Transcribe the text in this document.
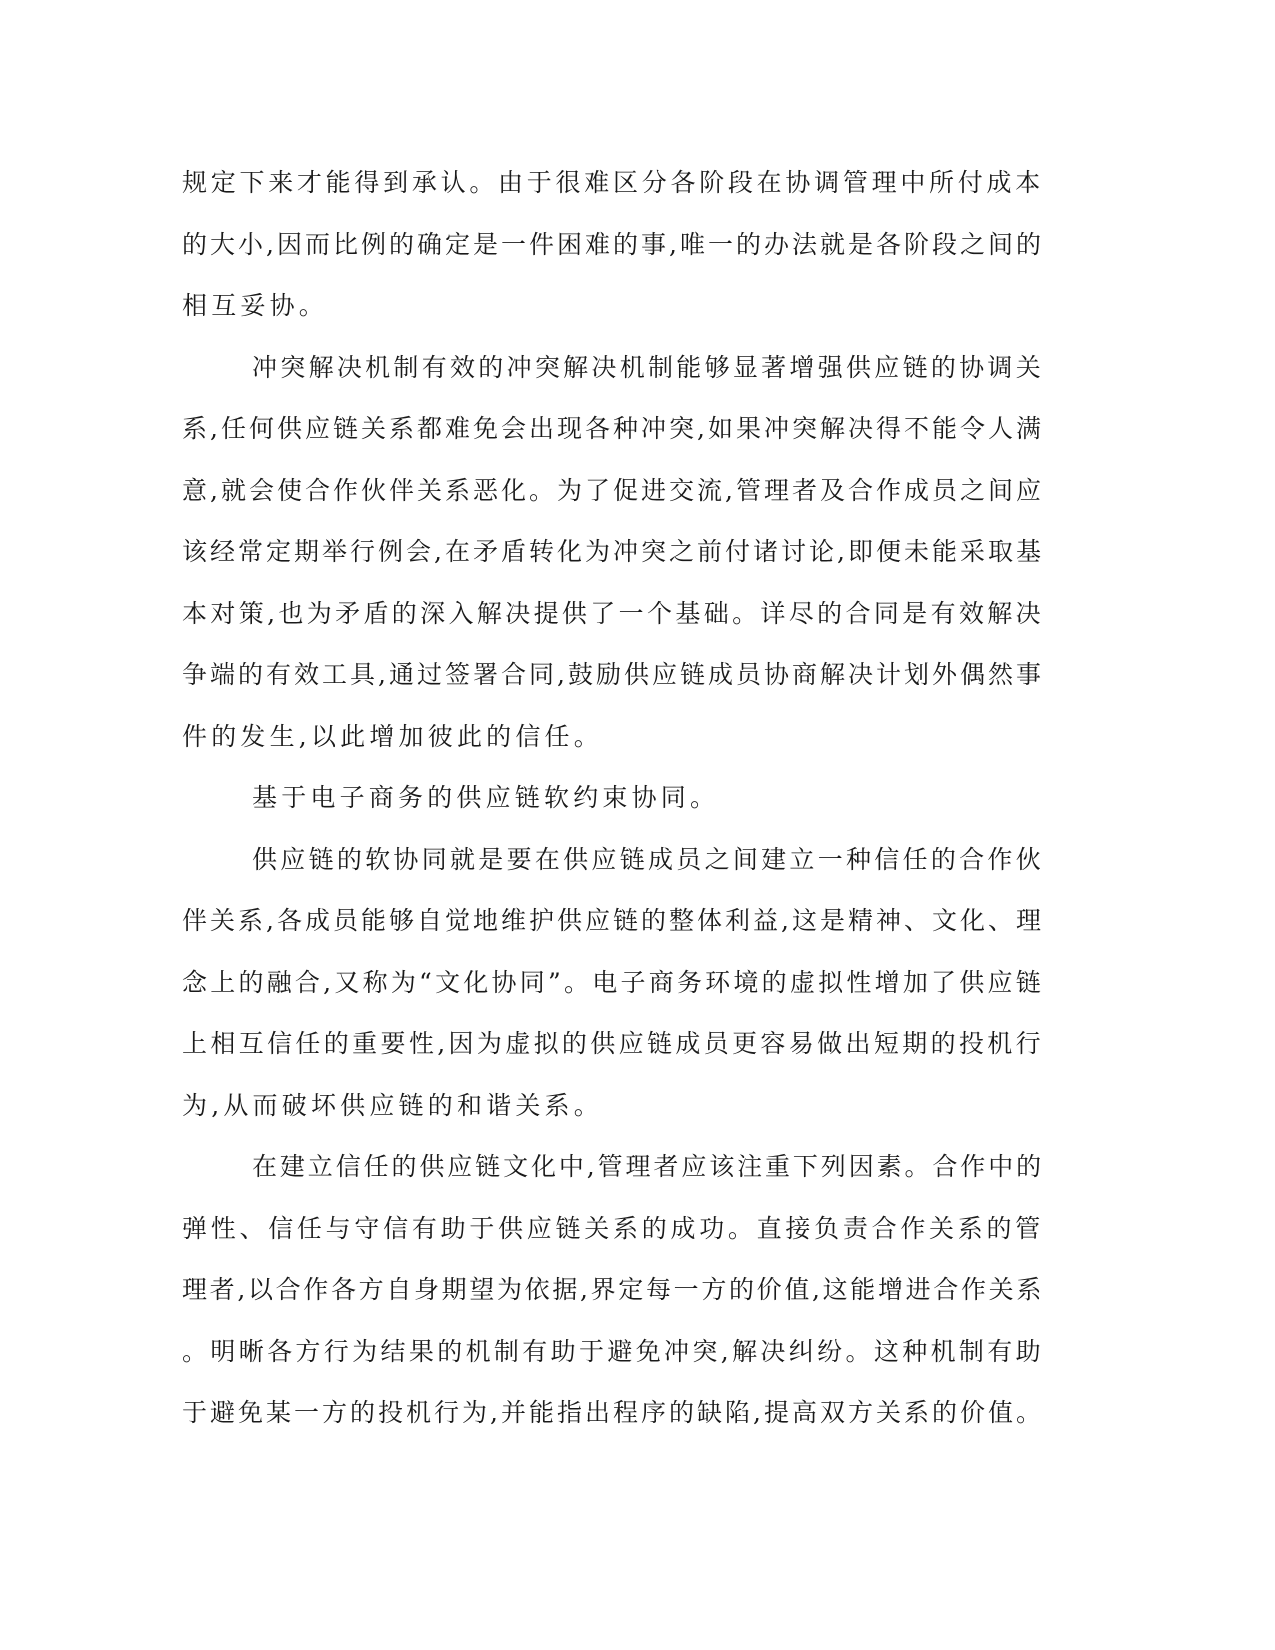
规定下来才能得到承认。由于很难区分各阶段在协调管理中所付成本
的大小,因而比例的确定是一件困难的事,唯一的办法就是各阶段之间的
相互妥协。
冲突解决机制有效的冲突解决机制能够显著增强供应链的协调关
系,任何供应链关系都难免会出现各种冲突,如果冲突解决得不能令人满
意,就会使合作伙伴关系恶化。为了促进交流,管理者及合作成员之间应
该经常定期举行例会,在矛盾转化为冲突之前付诸讨论,即便未能采取基
本对策,也为矛盾的深入解决提供了一个基础。详尽的合同是有效解决
争端的有效工具,通过签署合同,鼓励供应链成员协商解决计划外偶然事
件的发生,以此增加彼此的信任。
基于电子商务的供应链软约束协同。
供应链的软协同就是要在供应链成员之间建立一种信任的合作伙
伴关系,各成员能够自觉地维护供应链的整体利益,这是精神、文化、理
念上的融合,又称为“文化协同”。电子商务环境的虚拟性增加了供应链
上相互信任的重要性,因为虚拟的供应链成员更容易做出短期的投机行
为,从而破坏供应链的和谐关系。
在建立信任的供应链文化中,管理者应该注重下列因素。合作中的
弹性、信任与守信有助于供应链关系的成功。直接负责合作关系的管
理者,以合作各方自身期望为依据,界定每一方的价值,这能增进合作关系
。明晰各方行为结果的机制有助于避免冲突,解决纠纷。这种机制有助
于避免某一方的投机行为,并能指出程序的缺陷,提高双方关系的价值。
